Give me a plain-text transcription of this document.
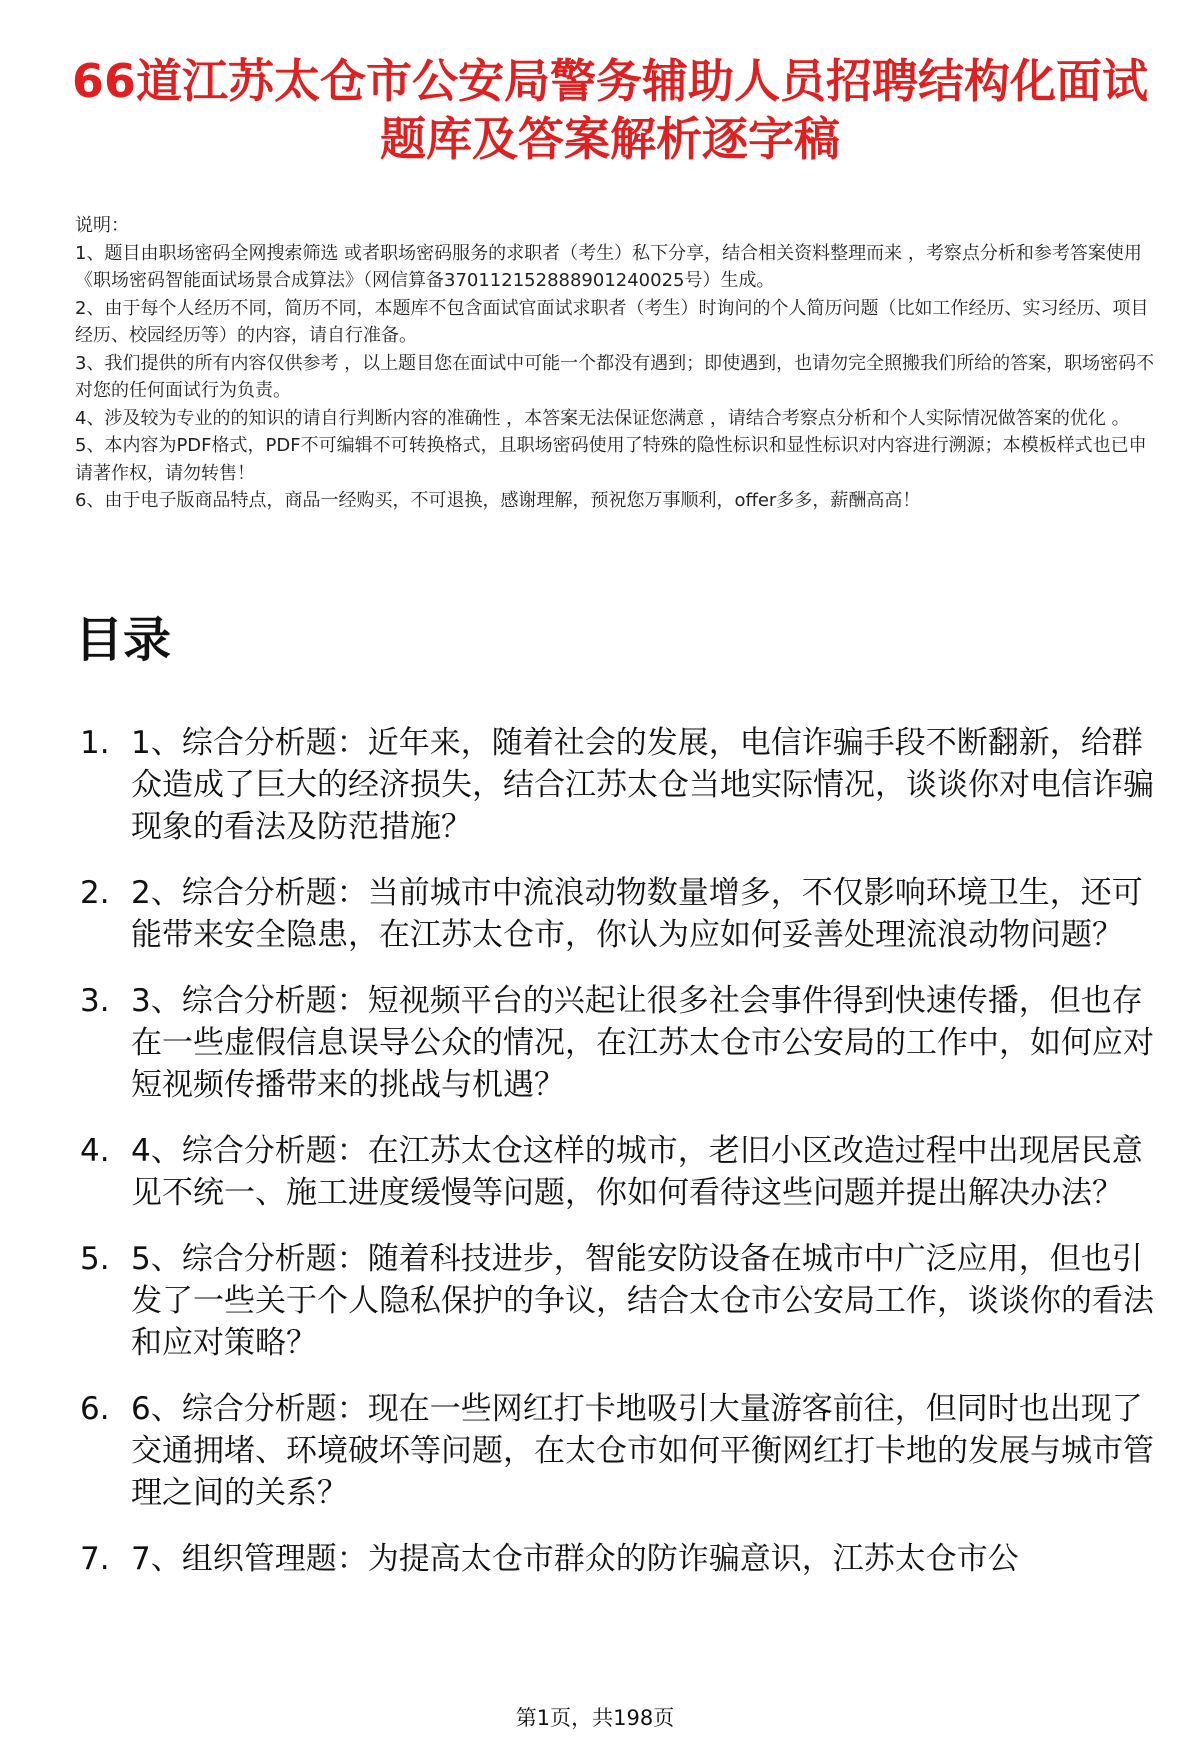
66道江苏太仓市公安局警务辅助人员招聘结构化面试题库及答案解析逐字稿

说明：

1、题目由职场密码全网搜索筛选 或者职场密码服务的求职者（考生）私下分享，结合相关资料整理而来 ，考察点分析和参考答案使用《职场密码智能面试场景合成算法》（网信算备370112152888901240025号）生成。

2、由于每个人经历不同，简历不同，本题库不包含面试官面试求职者（考生）时询问的个人简历问题（比如工作经历、实习经历、项目经历、校园经历等）的内容，请自行准备。

3、我们提供的所有内容仅供参考 ，以上题目您在面试中可能一个都没有遇到；即使遇到，也请勿完全照搬我们所给的答案，职场密码不对您的任何面试行为负责。

4、涉及较为专业的的知识的请自行判断内容的准确性 ，本答案无法保证您满意 ，请结合考察点分析和个人实际情况做答案的优化 。

5、本内容为PDF格式，PDF不可编辑不可转换格式，且职场密码使用了特殊的隐性标识和显性标识对内容进行溯源；本模板样式也已申请著作权，请勿转售！

6、由于电子版商品特点，商品一经购买，不可退换，感谢理解，预祝您万事顺利，offer多多，薪酬高高！

目录
1. 1、综合分析题：近年来，随着社会的发展，电信诈骗手段不断翻新，给群众造成了巨大的经济损失，结合江苏太仓当地实际情况，谈谈你对电信诈骗现象的看法及防范措施？
2. 2、综合分析题：当前城市中流浪动物数量增多，不仅影响环境卫生，还可能带来安全隐患，在江苏太仓市，你认为应如何妥善处理流浪动物问题？
3. 3、综合分析题：短视频平台的兴起让很多社会事件得到快速传播，但也存在一些虚假信息误导公众的情况，在江苏太仓市公安局的工作中，如何应对短视频传播带来的挑战与机遇？
4. 4、综合分析题：在江苏太仓这样的城市，老旧小区改造过程中出现居民意见不统一、施工进度缓慢等问题，你如何看待这些问题并提出解决办法？
5. 5、综合分析题：随着科技进步，智能安防设备在城市中广泛应用，但也引发了一些关于个人隐私保护的争议，结合太仓市公安局工作，谈谈你的看法和应对策略？
6. 6、综合分析题：现在一些网红打卡地吸引大量游客前往，但同时也出现了交通拥堵、环境破坏等问题，在太仓市如何平衡网红打卡地的发展与城市管理之间的关系？
7. 7、组织管理题：为提高太仓市群众的防诈骗意识，江苏太仓市公
第1页，共198页
